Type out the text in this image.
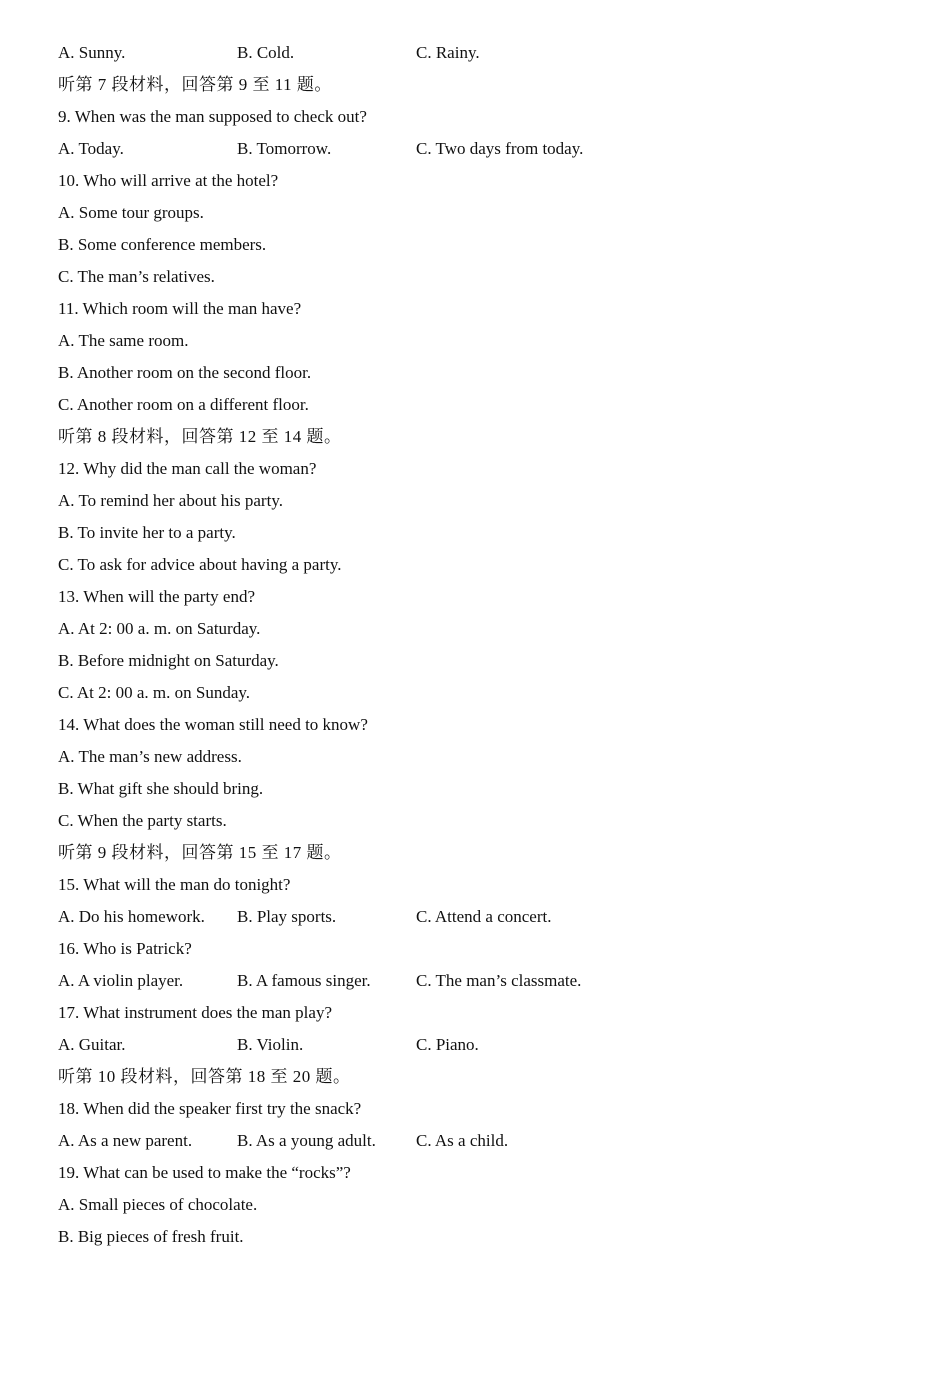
A. Sunny.	B. Cold.	C. Rainy.
听第 7 段材料，回答第 9 至 11 题。
9. When was the man supposed to check out?
A. Today.	B. Tomorrow.	C. Two days from today.
10. Who will arrive at the hotel?
A. Some tour groups.
B. Some conference members.
C. The man’s relatives.
11. Which room will the man have?
A. The same room.
B. Another room on the second floor.
C. Another room on a different floor.
听第 8 段材料，回答第 12 至 14 题。
12. Why did the man call the woman?
A. To remind her about his party.
B. To invite her to a party.
C. To ask for advice about having a party.
13. When will the party end?
A. At 2: 00 a. m. on Saturday.
B. Before midnight on Saturday.
C. At 2: 00 a. m. on Sunday.
14. What does the woman still need to know?
A. The man’s new address.
B. What gift she should bring.
C. When the party starts.
听第 9 段材料，回答第 15 至 17 题。
15. What will the man do tonight?
A. Do his homework. B. Play sports.	C. Attend a concert.
16. Who is Patrick?
A. A violin player.	B. A famous singer.	C. The man’s classmate.
17. What instrument does the man play?
A. Guitar.	B. Violin.	C. Piano.
听第 10 段材料，回答第 18 至 20 题。
18. When did the speaker first try the snack?
A. As a new parent.	B. As a young adult. C. As a child.
19. What can be used to make the “rocks”?
A. Small pieces of chocolate.
B. Big pieces of fresh fruit.
